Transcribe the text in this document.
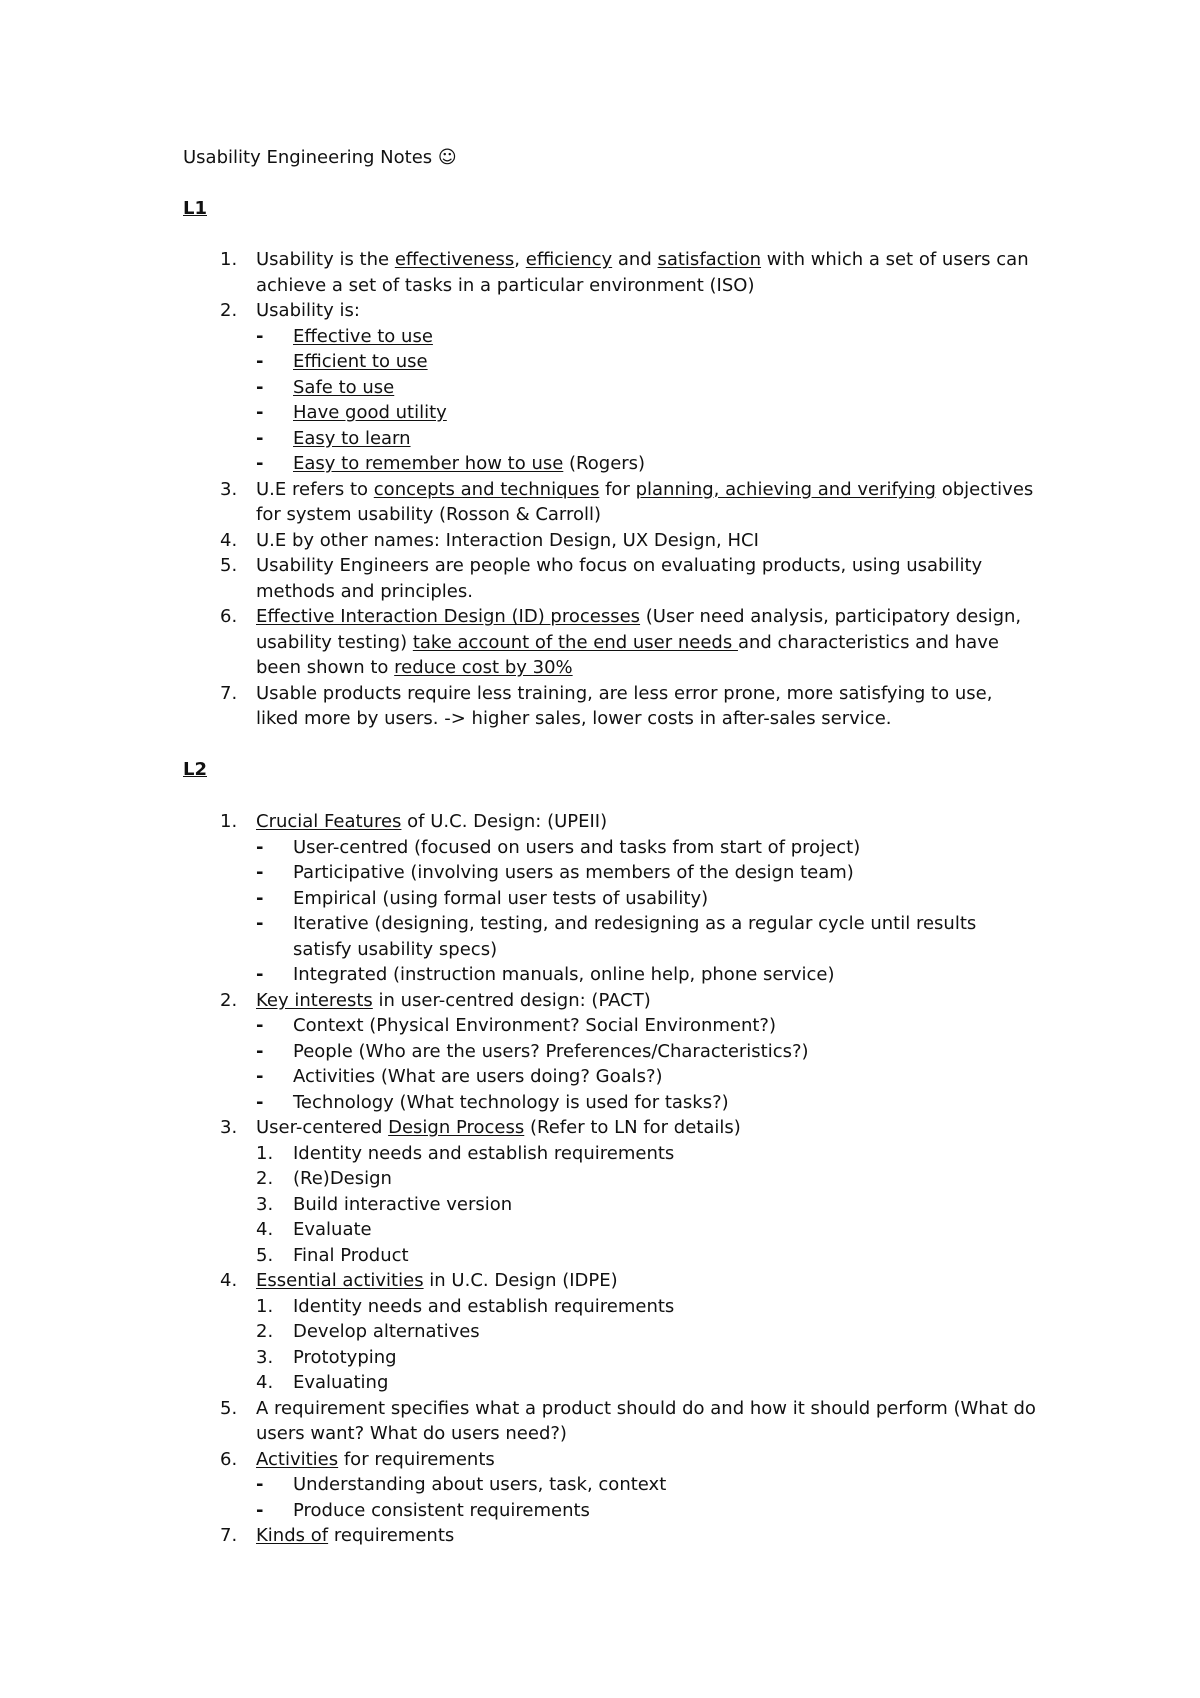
Usability Engineering Notes ☺
L1
1. Usability is the effectiveness, efficiency and satisfaction with which a set of users can achieve a set of tasks in a particular environment (ISO)
2. Usability is:
- Effective to use
- Efficient to use
- Safe to use
- Have good utility
- Easy to learn
- Easy to remember how to use (Rogers)
3. U.E refers to concepts and techniques for planning, achieving and verifying objectives for system usability (Rosson & Carroll)
4. U.E by other names: Interaction Design, UX Design, HCI
5. Usability Engineers are people who focus on evaluating products, using usability methods and principles.
6. Effective Interaction Design (ID) processes (User need analysis, participatory design, usability testing) take account of the end user needs and characteristics and have been shown to reduce cost by 30%
7. Usable products require less training, are less error prone, more satisfying to use, liked more by users. -> higher sales, lower costs in after-sales service.
L2
1. Crucial Features of U.C. Design: (UPEII)
- User-centred (focused on users and tasks from start of project)
- Participative (involving users as members of the design team)
- Empirical (using formal user tests of usability)
- Iterative (designing, testing, and redesigning as a regular cycle until results satisfy usability specs)
- Integrated (instruction manuals, online help, phone service)
2. Key interests in user-centred design: (PACT)
- Context (Physical Environment? Social Environment?)
- People (Who are the users? Preferences/Characteristics?)
- Activities (What are users doing? Goals?)
- Technology (What technology is used for tasks?)
3. User-centered Design Process (Refer to LN for details)
1. Identity needs and establish requirements
2. (Re)Design
3. Build interactive version
4. Evaluate
5. Final Product
4. Essential activities in U.C. Design (IDPE)
1. Identity needs and establish requirements
2. Develop alternatives
3. Prototyping
4. Evaluating
5. A requirement specifies what a product should do and how it should perform (What do users want? What do users need?)
6. Activities for requirements
- Understanding about users, task, context
- Produce consistent requirements
7. Kinds of requirements
